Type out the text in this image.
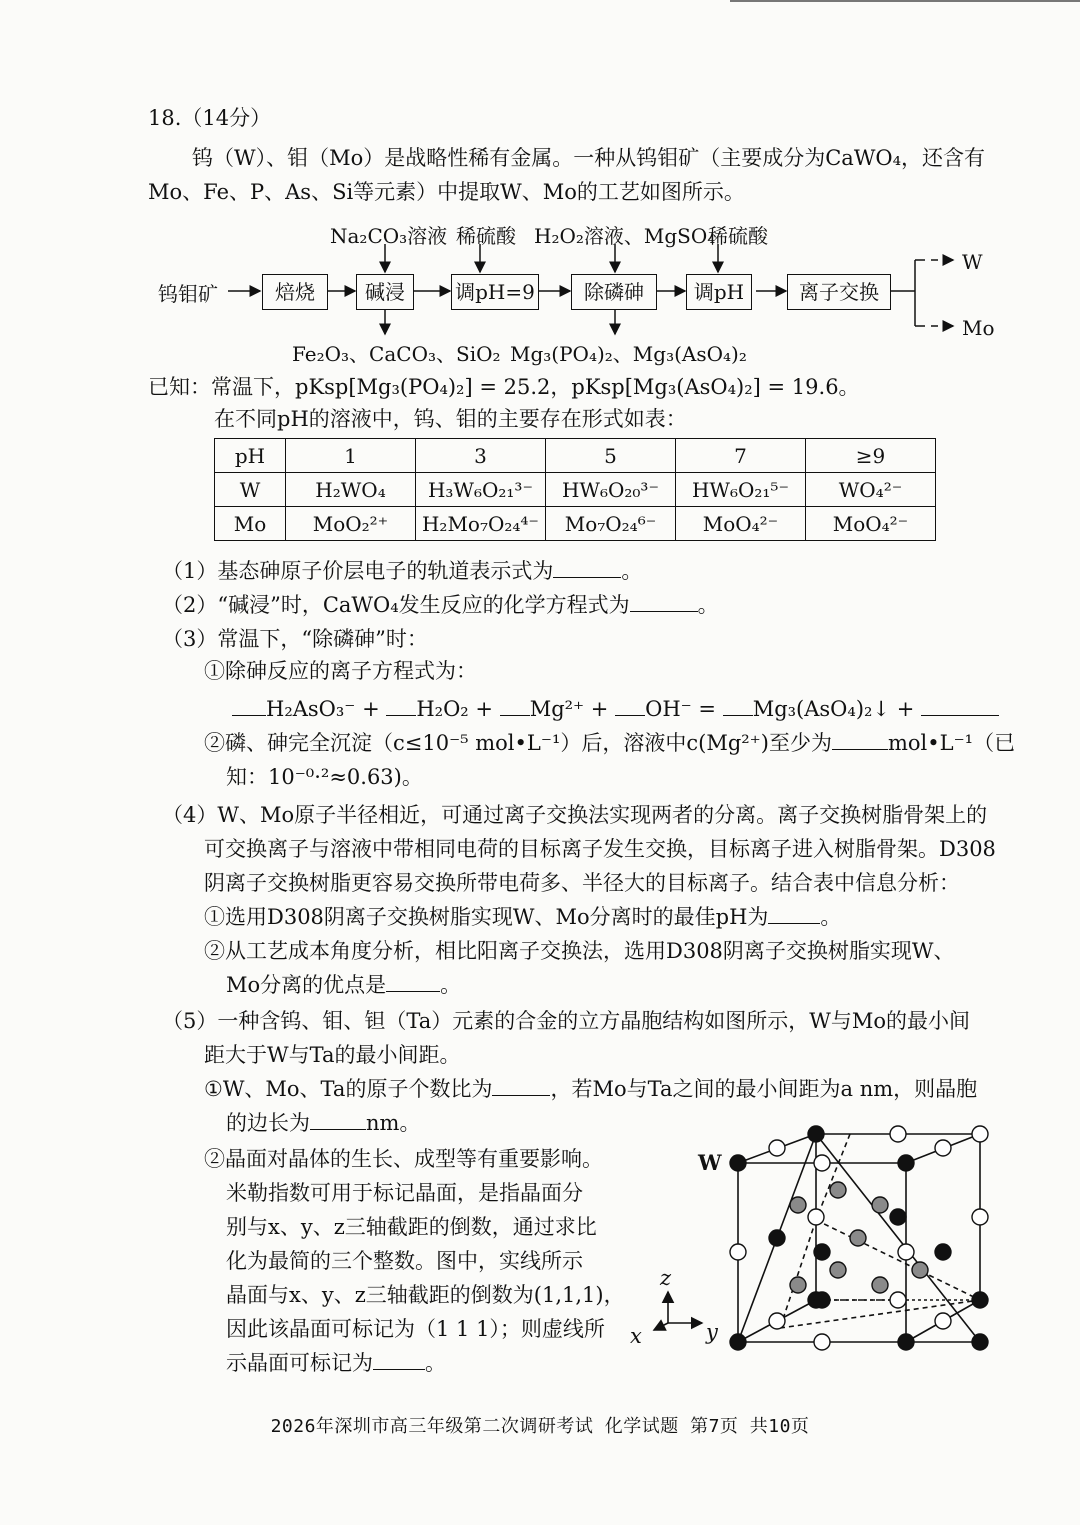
18.（14分）
钨（W）、钼（Mo）是战略性稀有金属。一种从钨钼矿（主要成分为CaWO₄，还含有
Mo、Fe、P、As、Si等元素）中提取W、Mo的工艺如图所示。
钨钼矿	焙烧	碱浸	调pH=9	除磷砷	调pH	离子交换
Na₂CO₃溶液 稀硫酸 H₂O₂溶液、MgSO₄
稀硫酸
Fe₂O₃、CaCO₃、SiO₂ Mg₃(PO₄)₂、Mg₃(AsO₄)₂
W
Mo
已知：常温下，pKsp[Mg₃(PO₄)₂] = 25.2，pKsp[Mg₃(AsO₄)₂] = 19.6。
在不同pH的溶液中，钨、钼的主要存在形式如表：
pH	1	3	5	7	≥9
W	H₂WO₄	H₃W₆O₂₁³⁻	HW₆O₂₀³⁻	HW₆O₂₁⁵⁻	WO₄²⁻
Mo	MoO₂²⁺	H₂Mo₇O₂₄⁴⁻	Mo₇O₂₄⁶⁻	MoO₄²⁻	MoO₄²⁻
（1）基态砷原子价层电子的轨道表示式为	。
（2）“碱浸”时，CaWO₄发生反应的化学方程式为	。
（3）常温下，“除磷砷”时：
①除砷反应的离子方程式为：
H₂AsO₃⁻ + H₂O₂ + Mg²⁺ + OH⁻ = Mg₃(AsO₄)₂↓ +
②磷、砷完全沉淀（c≤10⁻⁵ mol•L⁻¹）后，溶液中c(Mg²⁺)至少为	mol•L⁻¹（已
知：10⁻⁰·²≈0.63)。
（4）W、Mo原子半径相近，可通过离子交换法实现两者的分离。离子交换树脂骨架上的
可交换离子与溶液中带相同电荷的目标离子发生交换，目标离子进入树脂骨架。D308
阴离子交换树脂更容易交换所带电荷多、半径大的目标离子。结合表中信息分析：
①选用D308阴离子交换树脂实现W、Mo分离时的最佳pH为 。
②从工艺成本角度分析，相比阳离子交换法，选用D308阴离子交换树脂实现W、
Mo分离的优点是	。
（5）一种含钨、钼、钽（Ta）元素的合金的立方晶胞结构如图所示，W与Mo的最小间
距大于W与Ta的最小间距。
①W、Mo、Ta的原子个数比为	，若Mo与Ta之间的最小间距为a nm，则晶胞
的边长为	nm。
②晶面对晶体的生长、成型等有重要影响。
米勒指数可用于标记晶面，是指晶面分
别与x、y、z三轴截距的倒数，通过求比
化为最简的三个整数。图中，实线所示
晶面与x、y、z三轴截距的倒数为(1,1,1)，
因此该晶面可标记为（1 1 1）；则虚线所
示晶面可标记为 。
z
x	y
W
2026年深圳市高三年级第二次调研考试 化学试题 第7页 共10页
